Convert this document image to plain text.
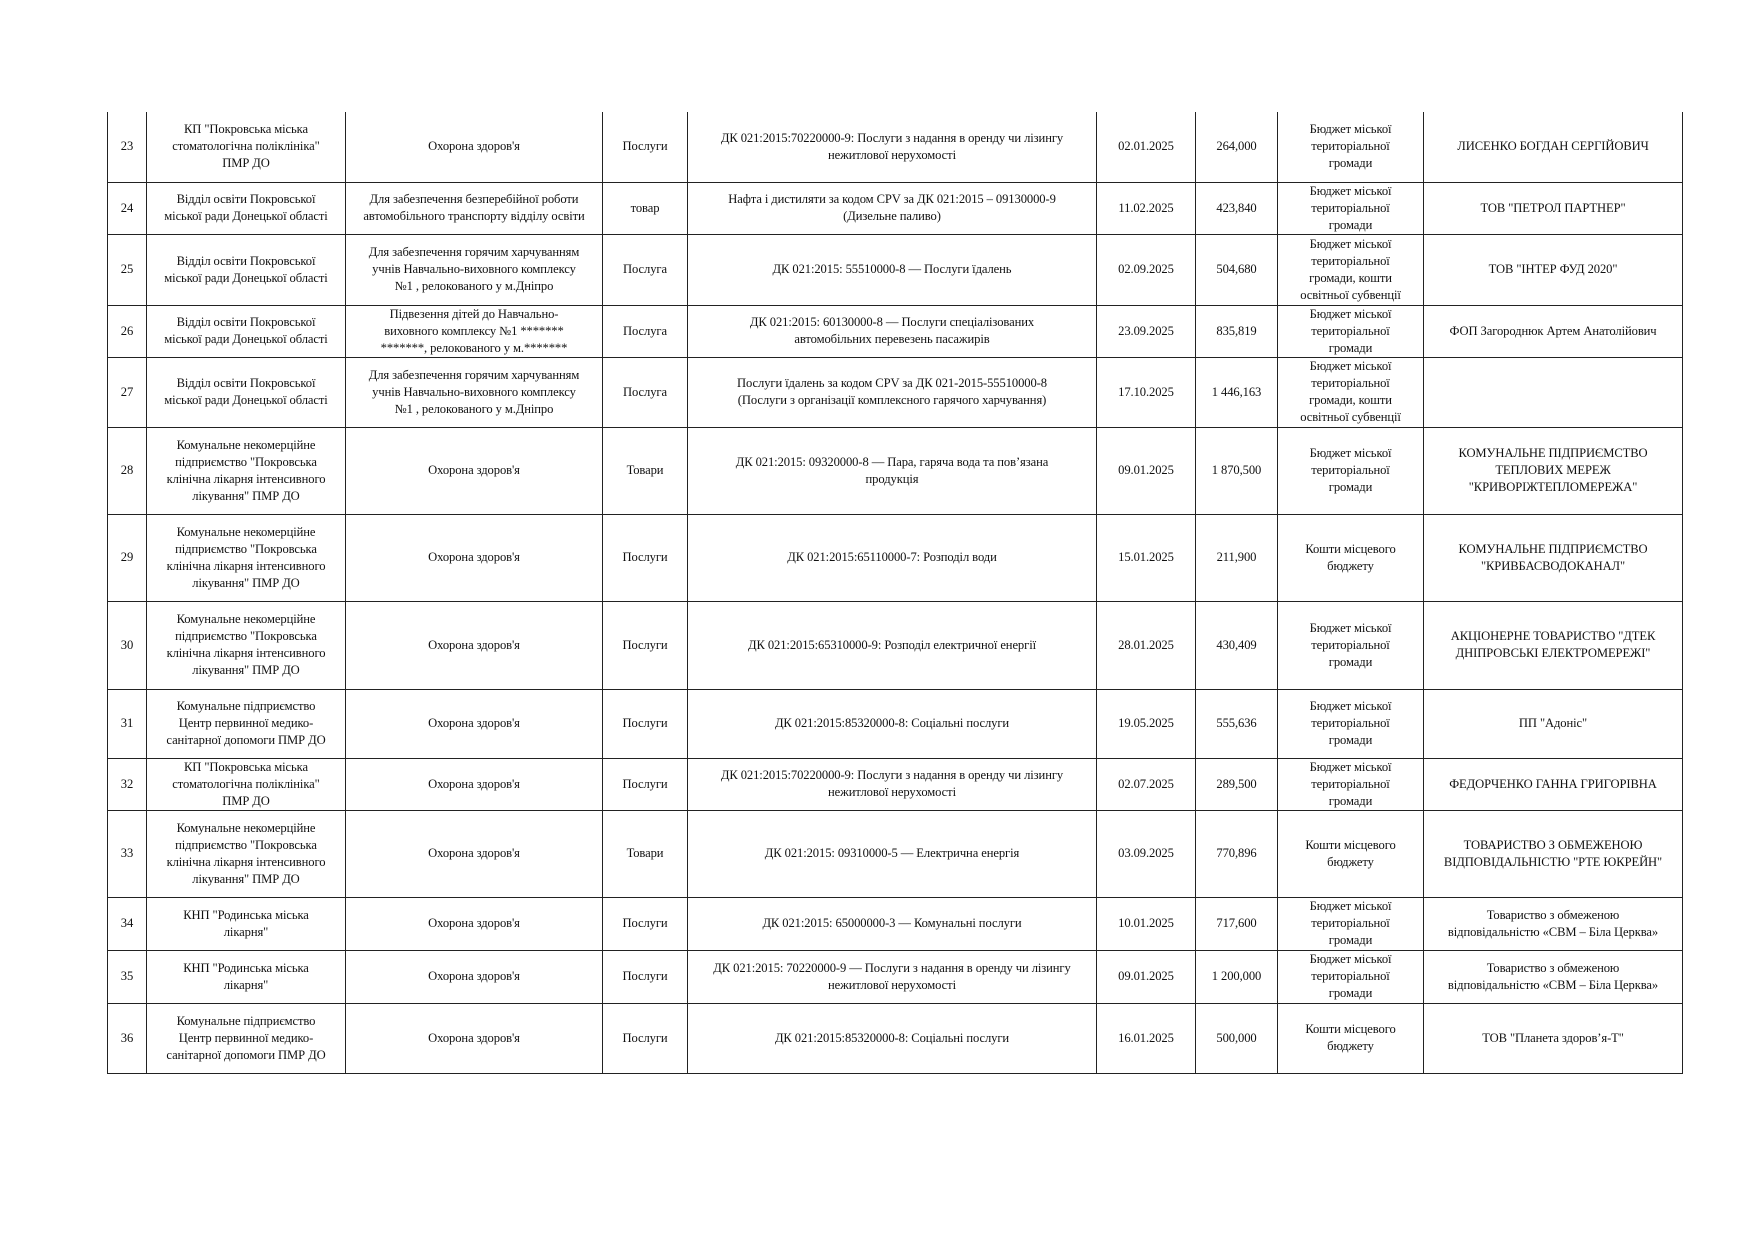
23	КП "Покровська міська
стоматологічна поліклініка"
ПМР ДО	Охорона здоров'я	Послуги	ДК 021:2015:70220000-9: Послуги з надання в оренду чи лізингу
нежитлової нерухомості	02.01.2025	264,000	Бюджет міської
територіальної
громади	ЛИСЕНКО БОГДАН СЕРГІЙОВИЧ

24	Відділ освіти Покровської
міської ради Донецької області	Для забезпечення безперебійної роботи
автомобільного транспорту відділу освіти	товар	Нафта і дистиляти за кодом CPV за ДК 021:2015 – 09130000-9
(Дизельне паливо)	11.02.2025	423,840	Бюджет міської
територіальної
громади	ТОВ "ПЕТРОЛ ПАРТНЕР"

25	Відділ освіти Покровської
міської ради Донецької області	Для забезпечення горячим харчуванням
учнів Навчально-виховного комплексу
№1 , релокованого у м.Дніпро	Послуга	ДК 021:2015: 55510000-8 — Послуги їдалень	02.09.2025	504,680	Бюджет міської
територіальної
громади, кошти
освітньої субвенції	ТОВ "ІНТЕР ФУД 2020"

26	Відділ освіти Покровської
міської ради Донецької області	Підвезення дітей до Навчально-
виховного комплексу №1 *******
*******, релокованого у м.*******	Послуга	ДК 021:2015: 60130000-8 — Послуги спеціалізованих
автомобільних перевезень пасажирів	23.09.2025	835,819	Бюджет міської
територіальної
громади	ФОП Загороднюк Артем Анатолійович

27	Відділ освіти Покровської
міської ради Донецької області	Для забезпечення горячим харчуванням
учнів Навчально-виховного комплексу
№1 , релокованого у м.Дніпро	Послуга	Послуги їдалень за кодом CPV за ДК 021-2015-55510000-8
(Послуги з організації комплексного гарячого харчування)	17.10.2025	1 446,163	Бюджет міської
територіальної
громади, кошти
освітньої субвенції	

28	Комунальне некомерційне
підприємство "Покровська
клінічна лікарня інтенсивного
лікування" ПМР ДО	Охорона здоров'я	Товари	ДК 021:2015: 09320000-8 — Пара, гаряча вода та пов’язана
продукція	09.01.2025	1 870,500	Бюджет міської
територіальної
громади	КОМУНАЛЬНЕ ПІДПРИЄМСТВО
ТЕПЛОВИХ МЕРЕЖ
"КРИВОРІЖТЕПЛОМЕРЕЖА"

29	Комунальне некомерційне
підприємство "Покровська
клінічна лікарня інтенсивного
лікування" ПМР ДО	Охорона здоров'я	Послуги	ДК 021:2015:65110000-7: Розподіл води	15.01.2025	211,900	Кошти місцевого
бюджету	КОМУНАЛЬНЕ ПІДПРИЄМСТВО
"КРИВБАСВОДОКАНАЛ"

30	Комунальне некомерційне
підприємство "Покровська
клінічна лікарня інтенсивного
лікування" ПМР ДО	Охорона здоров'я	Послуги	ДК 021:2015:65310000-9: Розподіл електричної енергії	28.01.2025	430,409	Бюджет міської
територіальної
громади	АКЦІОНЕРНЕ ТОВАРИСТВО "ДТЕК
ДНІПРОВСЬКІ ЕЛЕКТРОМЕРЕЖІ"

31	Комунальне підприємство
Центр первинної медико-
санітарної допомоги ПМР ДО	Охорона здоров'я	Послуги	ДК 021:2015:85320000-8: Соціальні послуги	19.05.2025	555,636	Бюджет міської
територіальної
громади	ПП "Адоніс"

32	КП "Покровська міська
стоматологічна поліклініка"
ПМР ДО	Охорона здоров'я	Послуги	ДК 021:2015:70220000-9: Послуги з надання в оренду чи лізингу
нежитлової нерухомості	02.07.2025	289,500	Бюджет міської
територіальної
громади	ФЕДОРЧЕНКО ГАННА ГРИГОРІВНА

33	Комунальне некомерційне
підприємство "Покровська
клінічна лікарня інтенсивного
лікування" ПМР ДО	Охорона здоров'я	Товари	ДК 021:2015: 09310000-5 — Електрична енергія	03.09.2025	770,896	Кошти місцевого
бюджету	ТОВАРИСТВО З ОБМЕЖЕНОЮ
ВІДПОВІДАЛЬНІСТЮ "РТЕ ЮКРЕЙН"

34	КНП "Родинська міська
лікарня"	Охорона здоров'я	Послуги	ДК 021:2015: 65000000-3 — Комунальні послуги	10.01.2025	717,600	Бюджет міської
територіальної
громади	Товариство з обмеженою
відповідальністю «СВМ – Біла Церква»

35	КНП "Родинська міська
лікарня"	Охорона здоров'я	Послуги	ДК 021:2015: 70220000-9 — Послуги з надання в оренду чи лізингу
нежитлової нерухомості	09.01.2025	1 200,000	Бюджет міської
територіальної
громади	Товариство з обмеженою
відповідальністю «СВМ – Біла Церква»

36	Комунальне підприємство
Центр первинної медико-
санітарної допомоги ПМР ДО	Охорона здоров'я	Послуги	ДК 021:2015:85320000-8: Соціальні послуги	16.01.2025	500,000	Кошти місцевого
бюджету	ТОВ "Планета здоров’я-Т"
